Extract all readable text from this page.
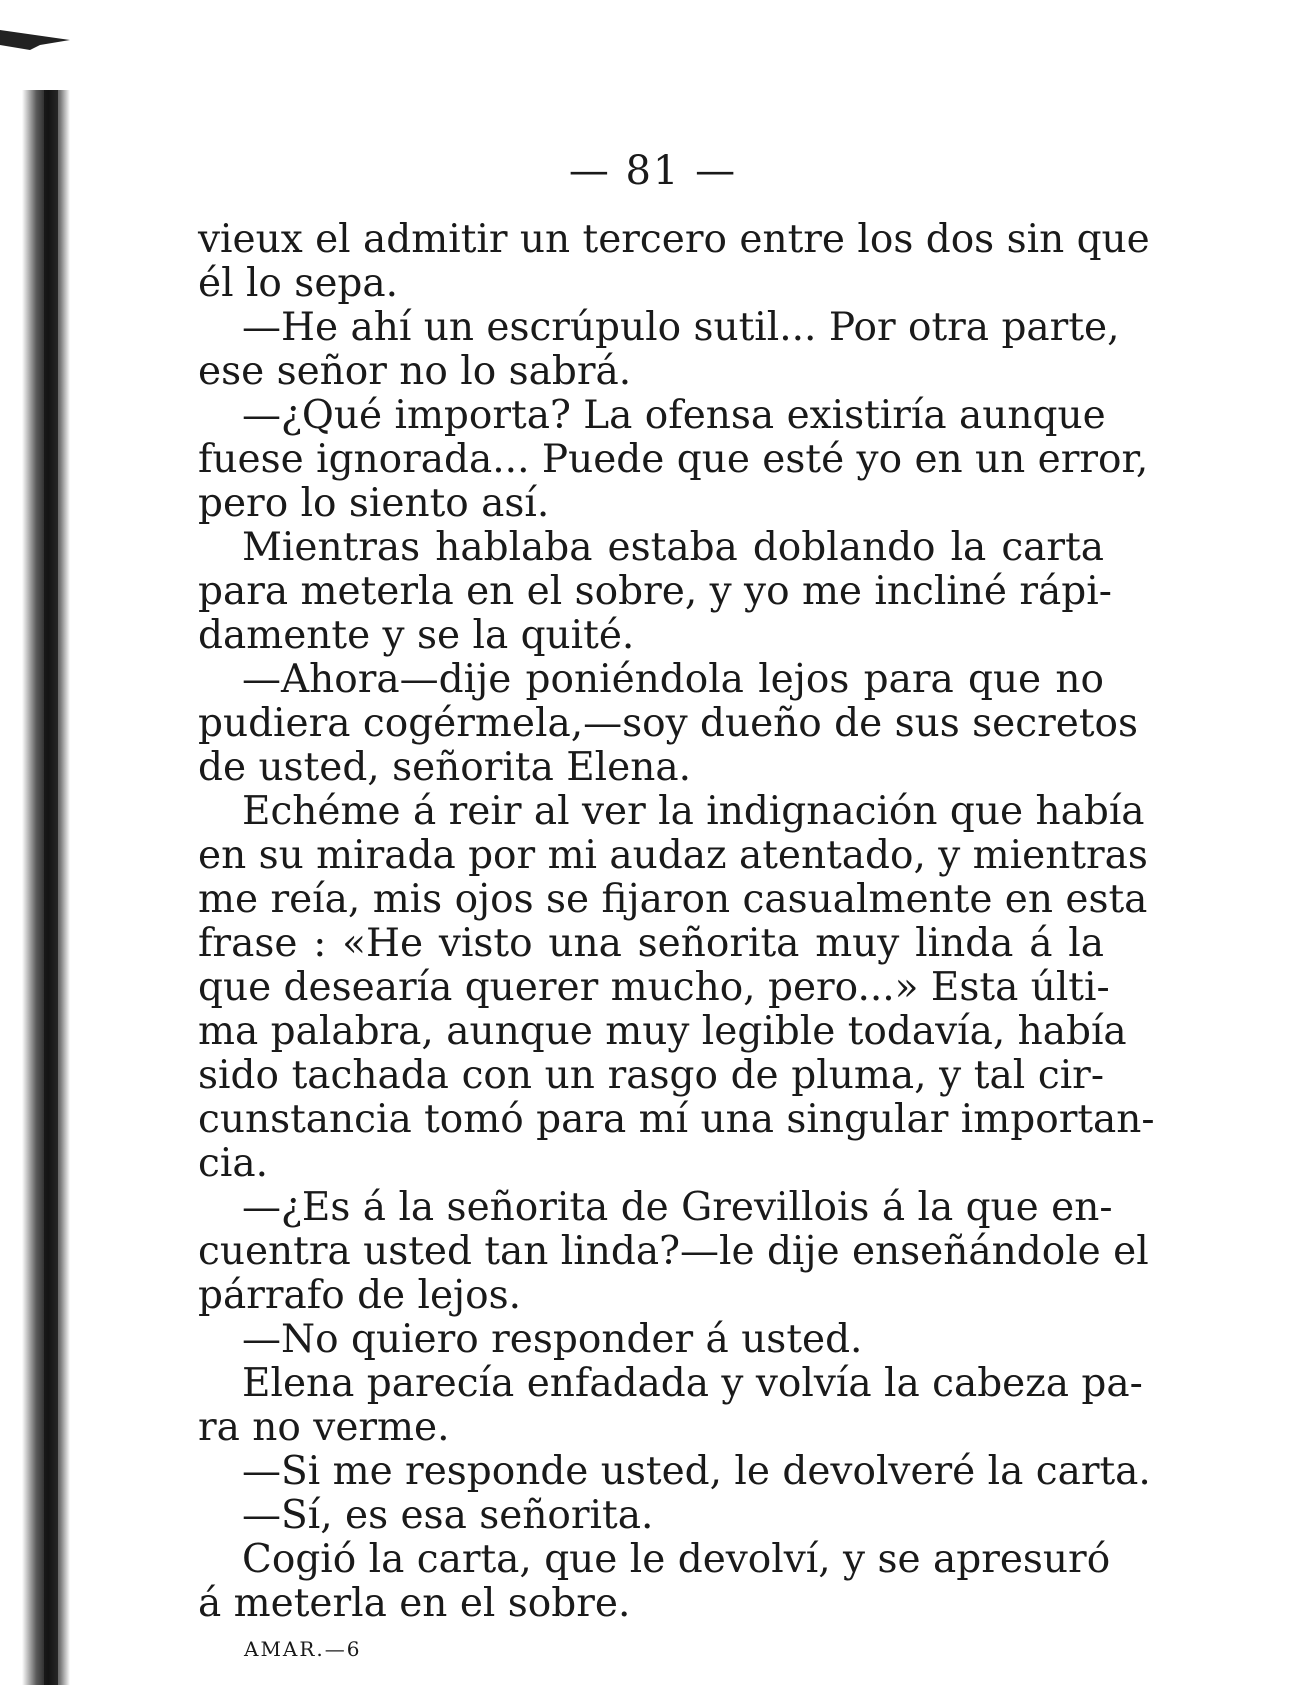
— 81 —
vieux el admitir un tercero entre los dos sin que
él lo sepa.
—He ahí un escrúpulo sutil... Por otra parte,
ese señor no lo sabrá.
—¿Qué importa? La ofensa existiría aunque
fuese ignorada... Puede que esté yo en un error,
pero lo siento así.
Mientras hablaba estaba doblando la carta
para meterla en el sobre, y yo me incliné rápi-
damente y se la quité.
—Ahora—dije poniéndola lejos para que no
pudiera cogérmela,—soy dueño de sus secretos
de usted, señorita Elena.
Echéme á reir al ver la indignación que había
en su mirada por mi audaz atentado, y mientras
me reía, mis ojos se fijaron casualmente en esta
frase : «He visto una señorita muy linda á la
que desearía querer mucho, pero...» Esta últi-
ma palabra, aunque muy legible todavía, había
sido tachada con un rasgo de pluma, y tal cir-
cunstancia tomó para mí una singular importan-
cia.
—¿Es á la señorita de Grevillois á la que en-
cuentra usted tan linda?—le dije enseñándole el
párrafo de lejos.
—No quiero responder á usted.
Elena parecía enfadada y volvía la cabeza pa-
ra no verme.
—Si me responde usted, le devolveré la carta.
—Sí, es esa señorita.
Cogió la carta, que le devolví, y se apresuró
á meterla en el sobre.
AMAR.—6
